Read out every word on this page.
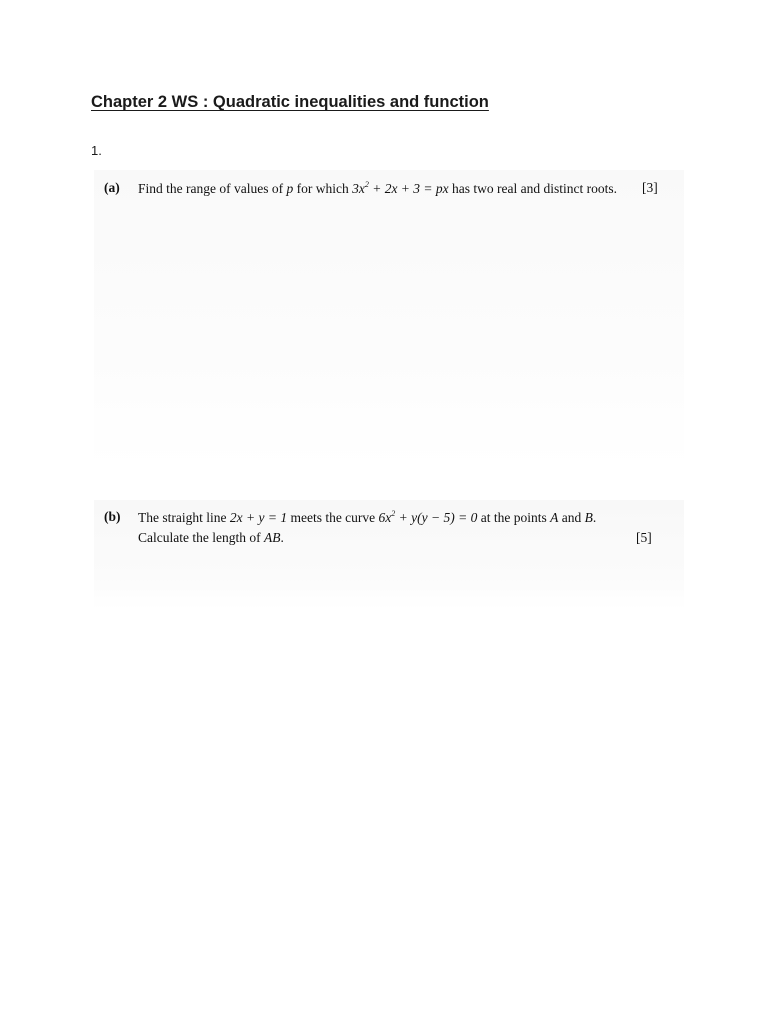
Chapter 2 WS : Quadratic inequalities and function
1.
(a) Find the range of values of p for which $3x^2 + 2x + 3$ = px has two real and distinct roots. [3]
(b) The straight line 2x + y = 1 meets the curve $6x^2 + y(y - 5) = 0$ at the points A and B.
Calculate the length of AB.	[5]
